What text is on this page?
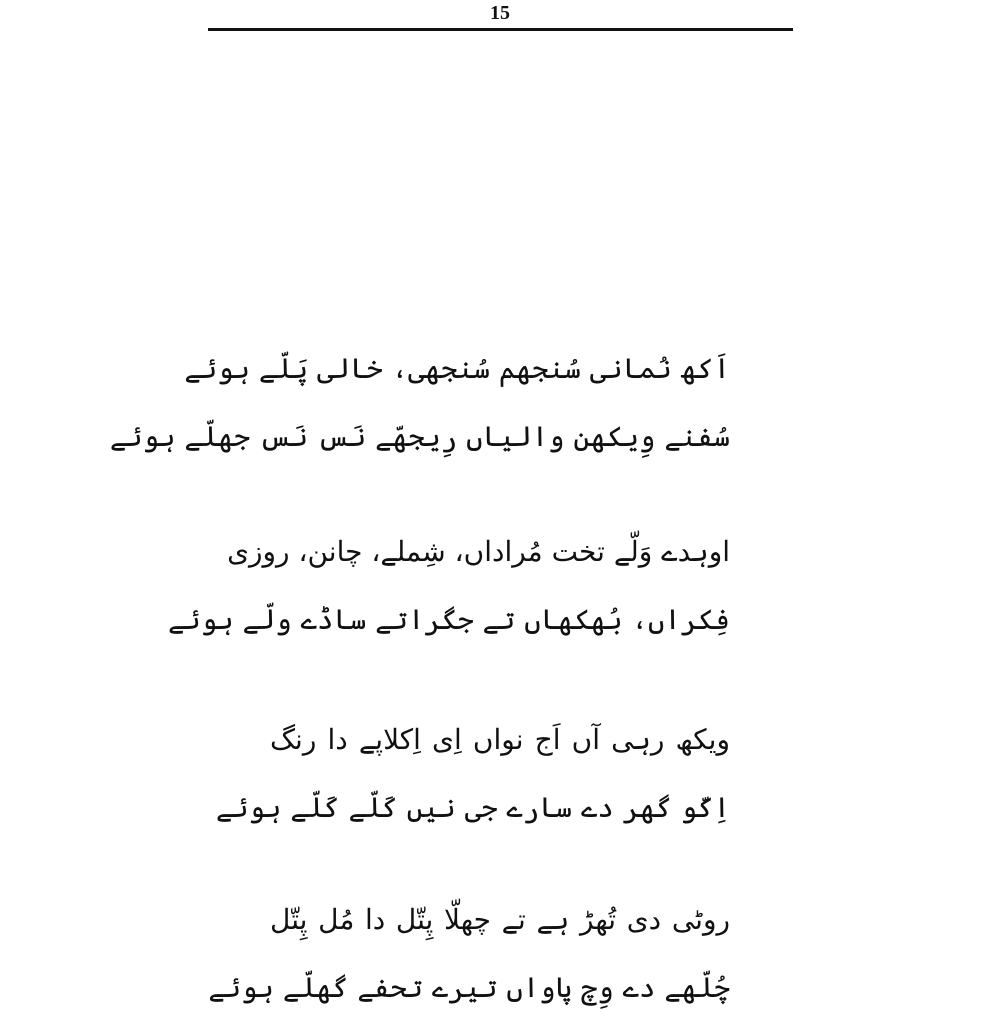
15
اَکھ نُمانی سُنجھم سُنجھی، خالی پَلّے ہوئے
سُفنے وِیکھن والیاں رِیجھّے نَس نَس جھلّے ہوئے
اوہدے وَلّے تخت مُراداں، شِملے، چانن، روزی
فِکراں، بُھکھاں تے جگراتے ساڈے ولّے ہوئے
ویکھ رہی آں اَج نواں اِی اِکلاپے دا رنگ
اِکّو گھر دے سارے جی نیں کَلّے کَلّے ہوئے
روٹی دی تُھڑ ہے تے چھلّا پِتّل دا مُل پِتّل
چُلّھے دے وِچ پاواں تیرے تحفے گھلّے ہوئے
